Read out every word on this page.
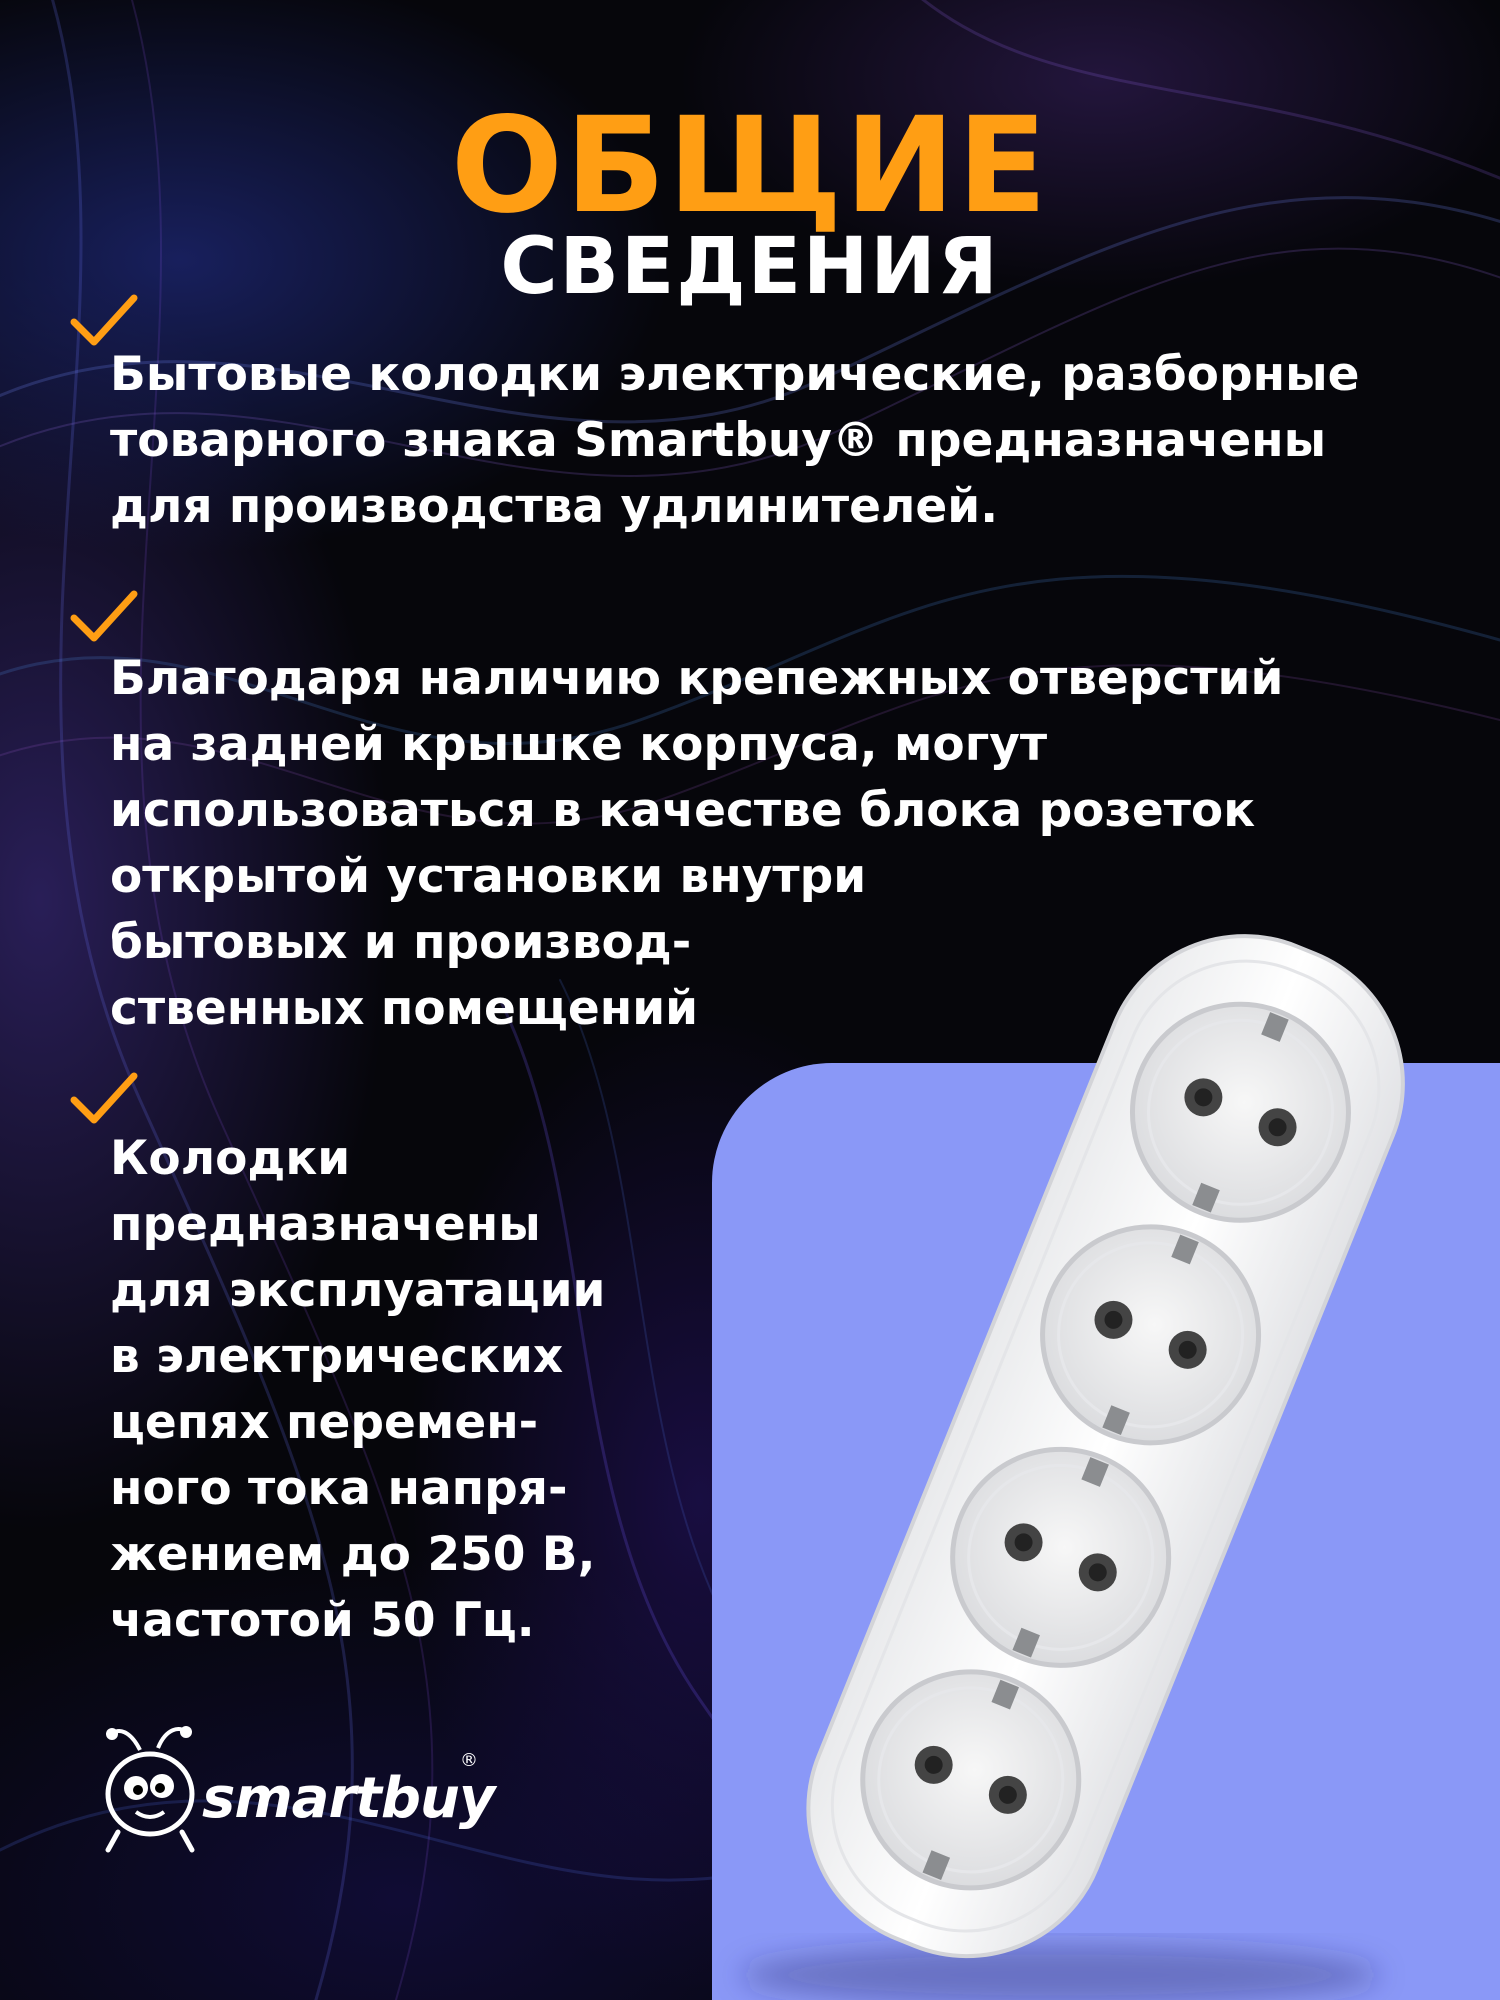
ОБЩИЕ
СВЕДЕНИЯ

Бытовые колодки электрические, разборные
товарного знака Smartbuy® предназначены
для производства удлинителей.

Благодаря наличию крепежных отверстий
на задней крышке корпуса, могут
использоваться в качестве блока розеток
открытой установки внутри
бытовых и производ-
ственных помещений

Колодки
предназначены
для эксплуатации
в электрических
цепях перемен-
ного тока напря-
жением до 250 В,
частотой 50 Гц.

smartbuy

®
